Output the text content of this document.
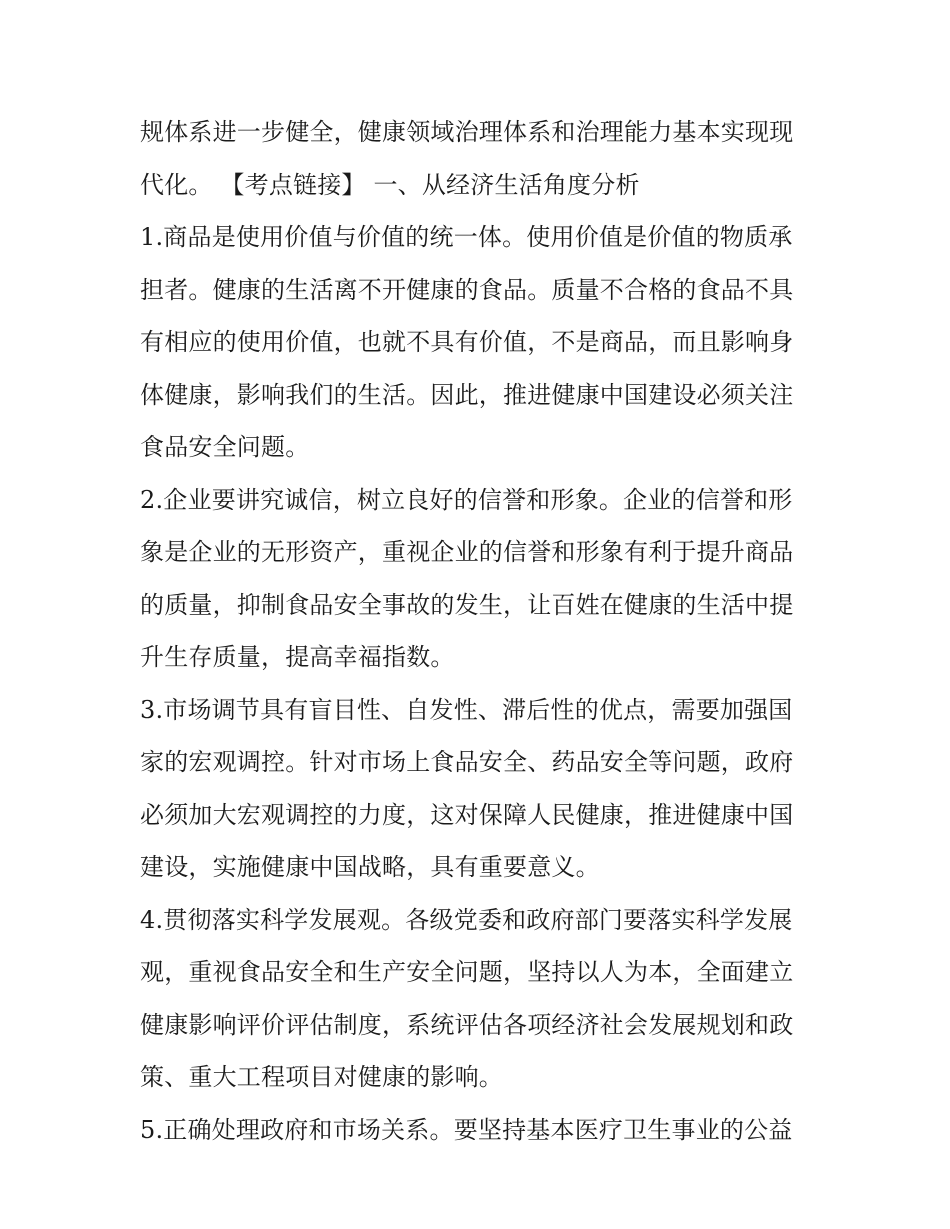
规体系进一步健全，健康领域治理体系和治理能力基本实现现
代化。 【考点链接】 一、从经济生活角度分析
1.商品是使用价值与价值的统一体。使用价值是价值的物质承
担者。健康的生活离不开健康的食品。质量不合格的食品不具
有相应的使用价值，也就不具有价值，不是商品，而且影响身
体健康，影响我们的生活。因此，推进健康中国建设必须关注
食品安全问题。
2.企业要讲究诚信，树立良好的信誉和形象。企业的信誉和形
象是企业的无形资产，重视企业的信誉和形象有利于提升商品
的质量，抑制食品安全事故的发生，让百姓在健康的生活中提
升生存质量，提高幸福指数。
3.市场调节具有盲目性、自发性、滞后性的优点，需要加强国
家的宏观调控。针对市场上食品安全、药品安全等问题，政府
必须加大宏观调控的力度，这对保障人民健康，推进健康中国
建设，实施健康中国战略，具有重要意义。
4.贯彻落实科学发展观。各级党委和政府部门要落实科学发展
观，重视食品安全和生产安全问题，坚持以人为本，全面建立
健康影响评价评估制度，系统评估各项经济社会发展规划和政
策、重大工程项目对健康的影响。
5.正确处理政府和市场关系。要坚持基本医疗卫生事业的公益
